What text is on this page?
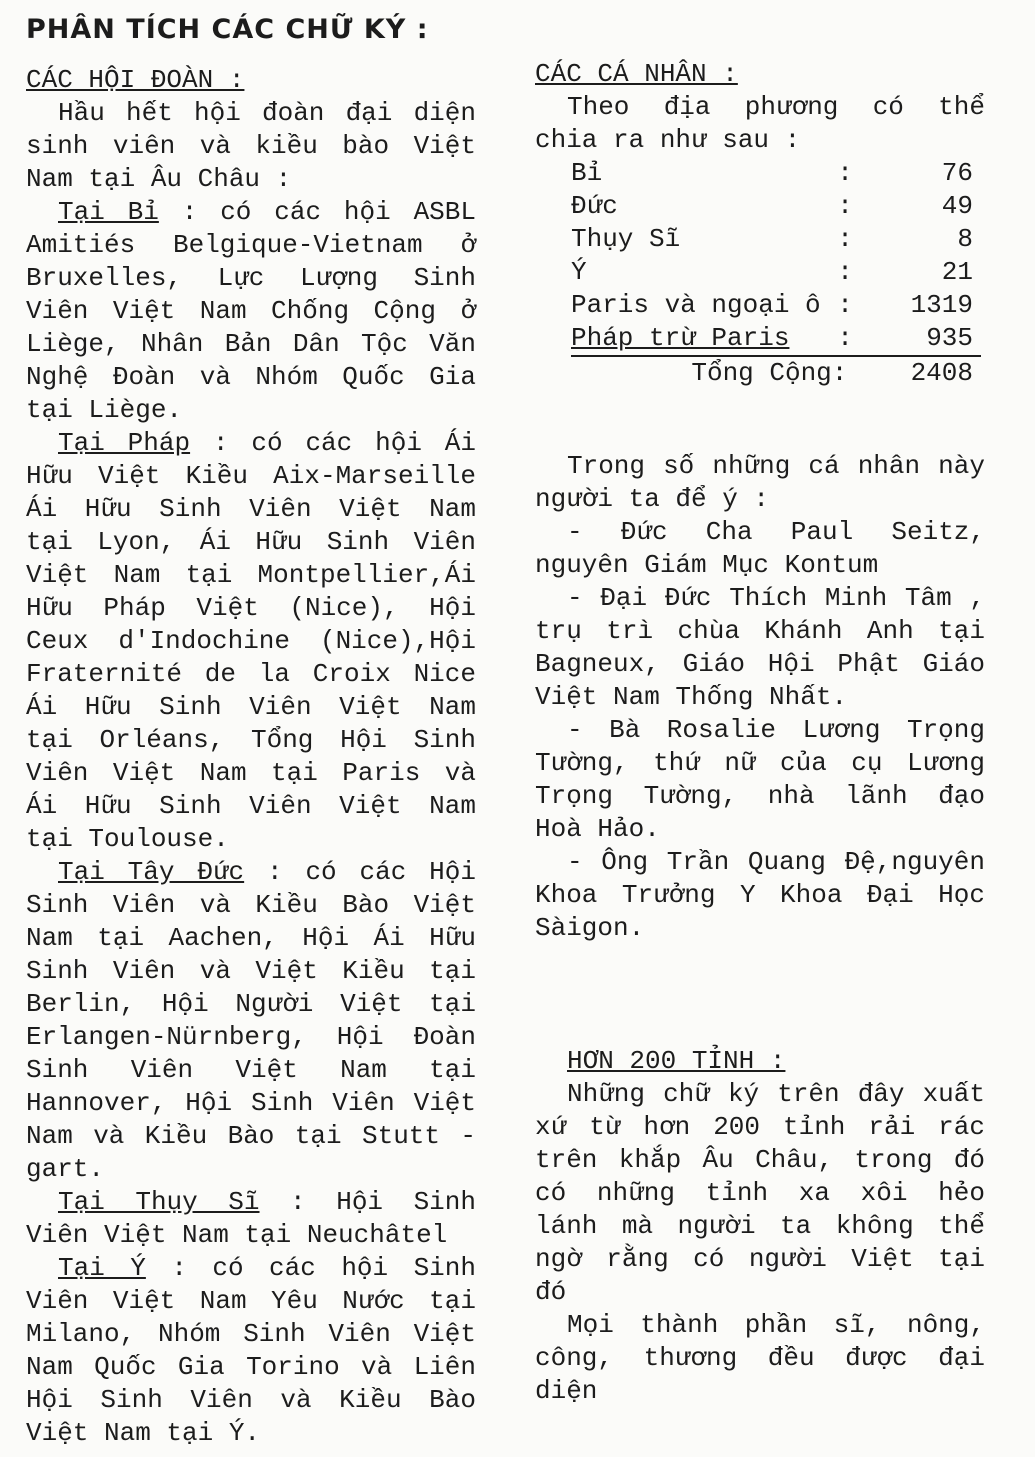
PHÂN TÍCH CÁC CHỮ KÝ :

CÁC HỘI ĐOÀN :

Hầu hết hội đoàn đại diện sinh viên và kiều bào Việt Nam tại Âu Châu :

Tại Bỉ : có các hội ASBL Amitiés Belgique-Vietnam ở Bruxelles, Lực Lượng Sinh Viên Việt Nam Chống Cộng ở Liège, Nhân Bản Dân Tộc Văn Nghệ Đoàn và Nhóm Quốc Gia tại Liège.

Tại Pháp : có các hội Ái Hữu Việt Kiều Aix-Marseille Ái Hữu Sinh Viên Việt Nam tại Lyon, Ái Hữu Sinh Viên Việt Nam tại Montpellier,Ái Hữu Pháp Việt (Nice), Hội Ceux d'Indochine (Nice),Hội Fraternité de la Croix Nice Ái Hữu Sinh Viên Việt Nam tại Orléans, Tổng Hội Sinh Viên Việt Nam tại Paris và Ái Hữu Sinh Viên Việt Nam tại Toulouse.

Tại Tây Đức : có các Hội Sinh Viên và Kiều Bào Việt Nam tại Aachen, Hội Ái Hữu Sinh Viên và Việt Kiều tại Berlin, Hội Người Việt tại Erlangen-Nürnberg, Hội Đoàn Sinh Viên Việt Nam tại Hannover, Hội Sinh Viên Việt Nam và Kiều Bào tại Stutt - gart.

Tại Thụy Sĩ : Hội Sinh Viên Việt Nam tại Neuchâtel

Tại Ý : có các hội Sinh Viên Việt Nam Yêu Nước tại Milano, Nhóm Sinh Viên Việt Nam Quốc Gia Torino và Liên Hội Sinh Viên và Kiều Bào Việt Nam tại Ý.

CÁC CÁ NHÂN :

Theo địa phương có thể chia ra như sau :

Bỉ	:	76
Đức	:	49
Thụy Sĩ	:	8
Ý	:	21
Paris và ngoại ô :	1319
Pháp trừ Paris	:	935
Tổng Cộng: 2408

Trong số những cá nhân này người ta để ý :

- Đức Cha Paul Seitz, nguyên Giám Mục Kontum

- Đại Đức Thích Minh Tâm , trụ trì chùa Khánh Anh tại Bagneux, Giáo Hội Phật Giáo Việt Nam Thống Nhất.

- Bà Rosalie Lương Trọng Tường, thứ nữ của cụ Lương Trọng Tường, nhà lãnh đạo Hoà Hảo.

- Ông Trần Quang Đệ,nguyên Khoa Trưởng Y Khoa Đại Học Sàigon.

HƠN 200 TỈNH :

Những chữ ký trên đây xuất xứ từ hơn 200 tỉnh rải rác trên khắp Âu Châu, trong đó có những tỉnh xa xôi hẻo lánh mà người ta không thể ngờ rằng có người Việt tại đó

Mọi thành phần sĩ, nông, công, thương đều được đại diện
